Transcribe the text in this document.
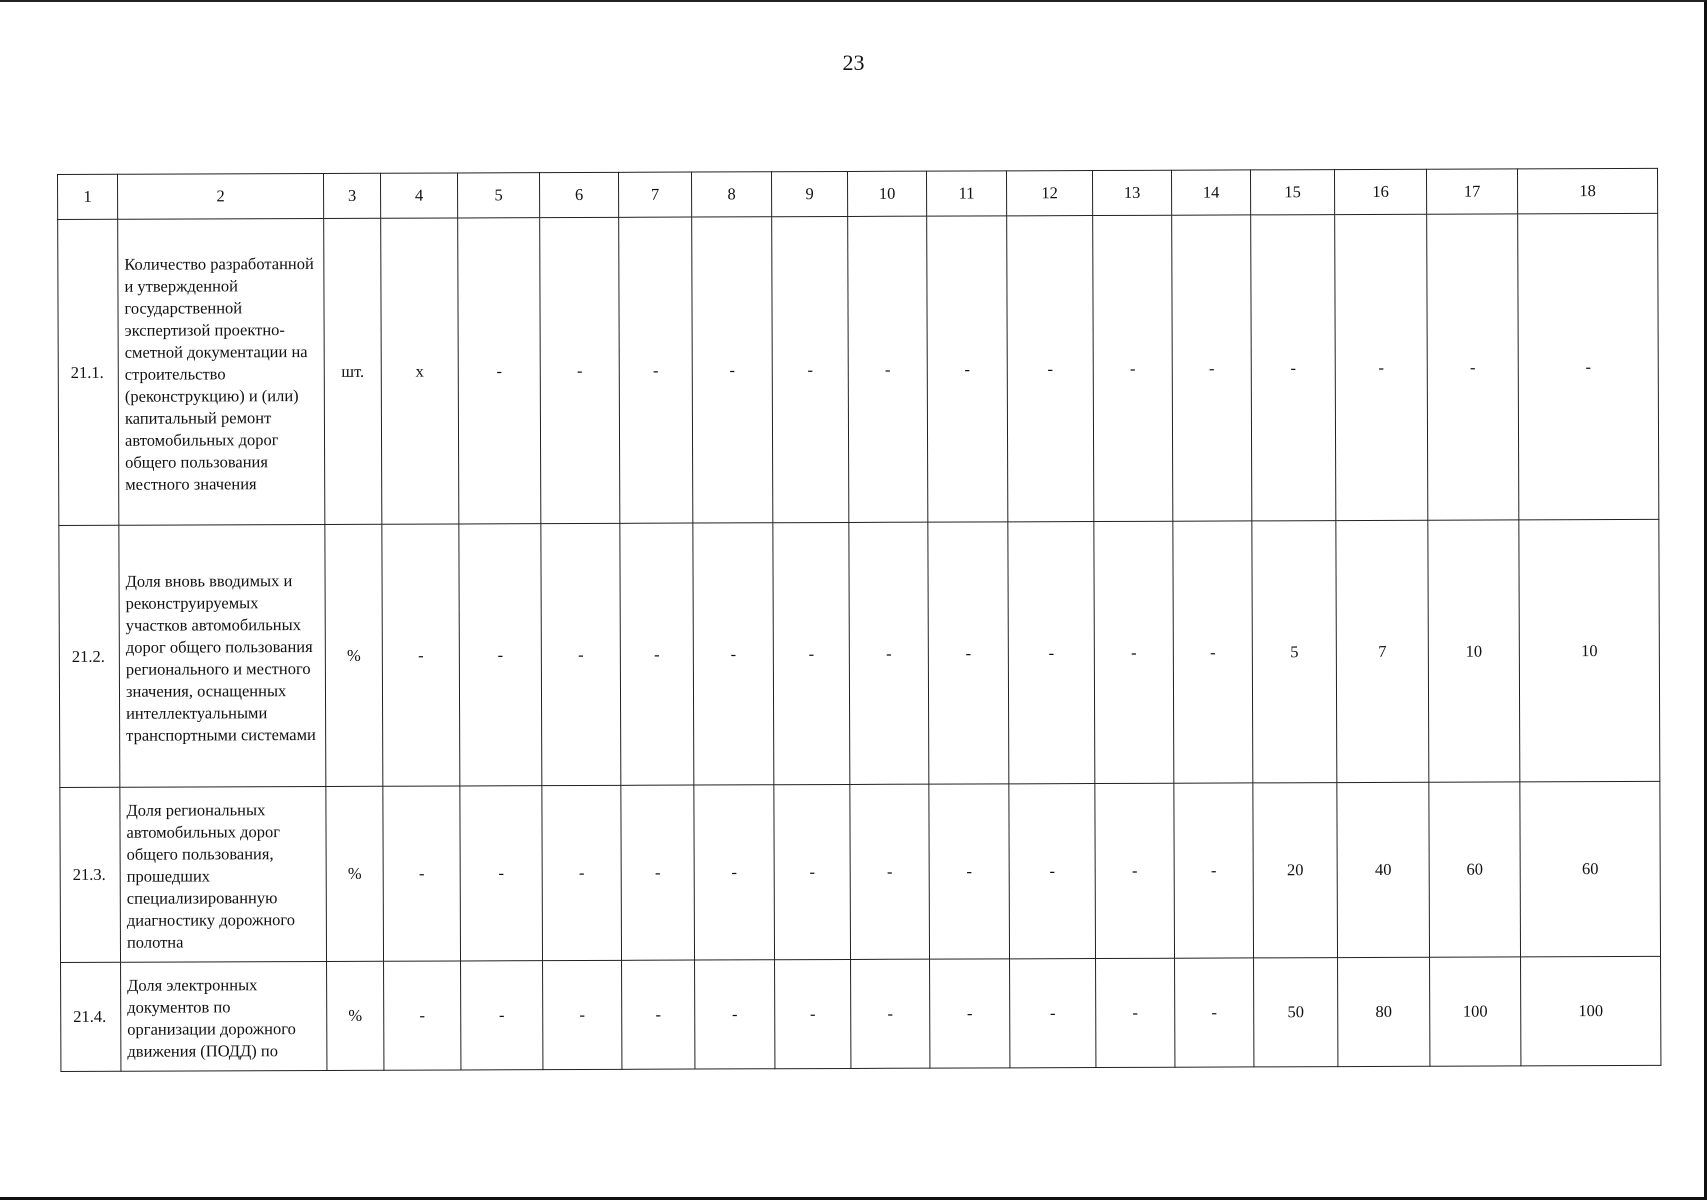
23
1	2	3	4	5	6	7	8	9	10	11	12	13	14	15	16	17	18
21.1.	Количество разработанной и утвержденной государственной экспертизой проектно-сметной документации на строительство (реконструкцию) и (или) капитальный ремонт автомобильных дорог общего пользования местного значения	шт.	x	-	-	-	-	-	-	-	-	-	-	-	-	-	-
21.2.	Доля вновь вводимых и реконструируемых участков автомобильных дорог общего пользования регионального и местного значения, оснащенных интеллектуальными транспортными системами	%	-	-	-	-	-	-	-	-	-	-	-	5	7	10	10
21.3.	Доля региональных автомобильных дорог общего пользования, прошедших специализированную диагностику дорожного полотна	%	-	-	-	-	-	-	-	-	-	-	-	20	40	60	60
21.4.	Доля электронных документов по организации дорожного движения (ПОДД) по	%	-	-	-	-	-	-	-	-	-	-	-	50	80	100	100
